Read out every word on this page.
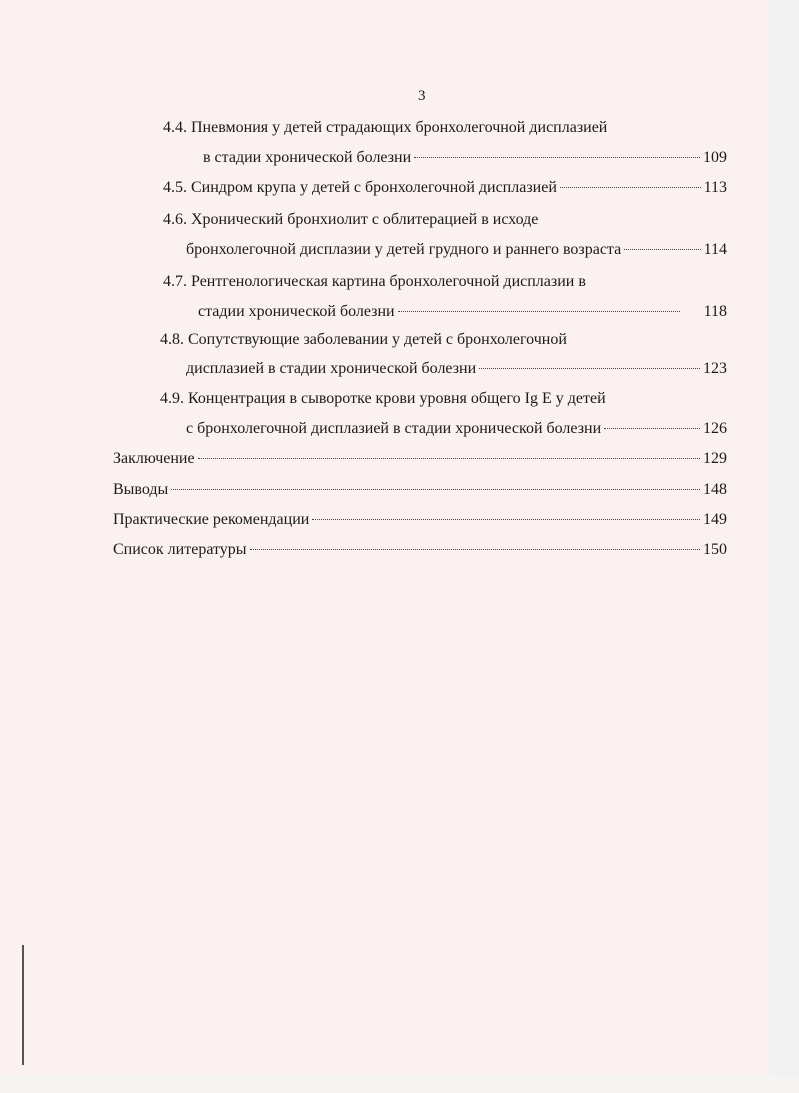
3
4.4. Пневмония у детей страдающих бронхолегочной дисплазией
в стадии хронической болезни	109
4.5. Синдром крупа у детей с бронхолегочной дисплазией	113
4.6. Хронический бронхиолит с облитерацией в исходе
бронхолегочной дисплазии у детей грудного и раннего возраста	114
4.7. Рентгенологическая картина бронхолегочной дисплазии в
стадии хронической болезни	118
4.8. Сопутствующие заболевании у детей с бронхолегочной
дисплазией в стадии хронической болезни	123
4.9. Концентрация в сыворотке крови уровня общего Ig E у детей
с бронхолегочной дисплазией в стадии хронической болезни	126
Заключение	129
Выводы	148
Практические рекомендации	149
Список литературы	150
